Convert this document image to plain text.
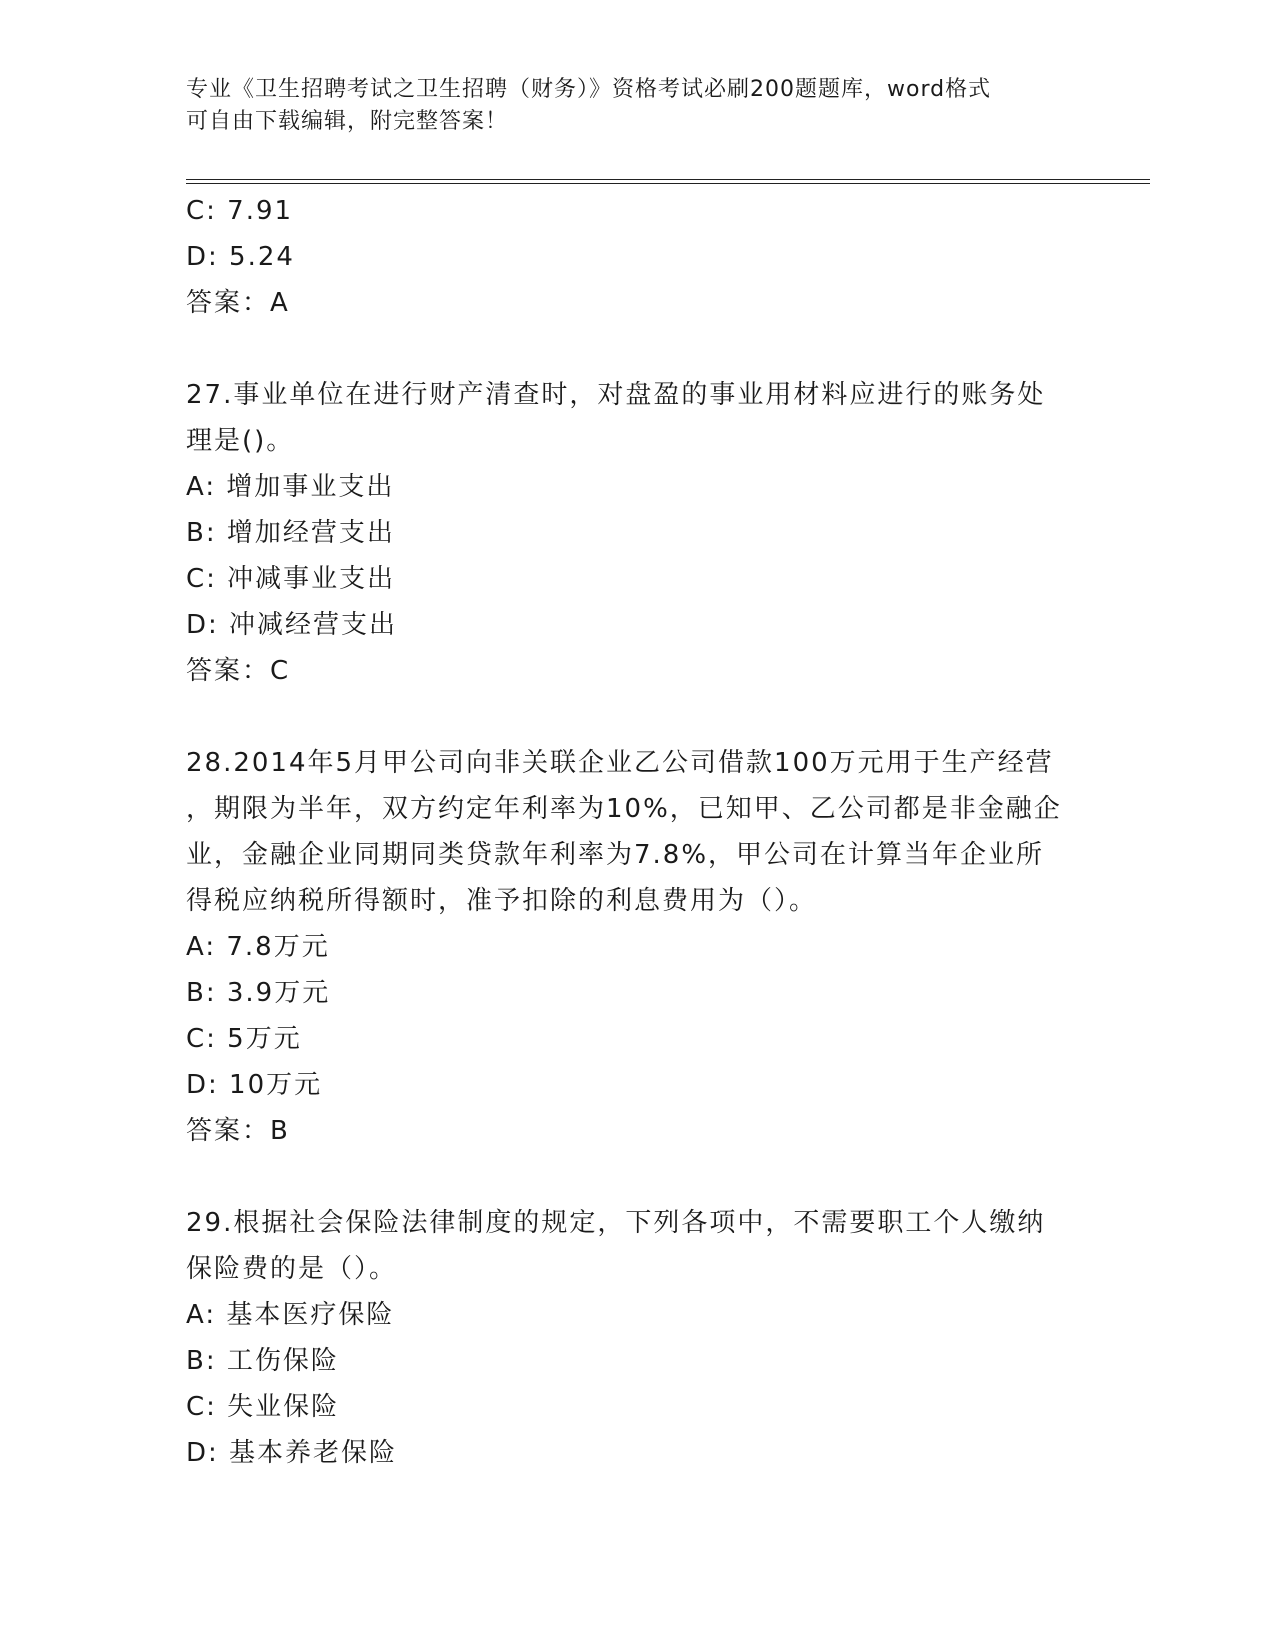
专业《卫生招聘考试之卫生招聘（财务）》资格考试必刷200题题库，word格式
可自由下载编辑，附完整答案！
C: 7.91
D: 5.24
答案：A
27.事业单位在进行财产清查时，对盘盈的事业用材料应进行的账务处
理是()。
A: 增加事业支出
B: 增加经营支出
C: 冲减事业支出
D: 冲减经营支出
答案：C
28.2014年5月甲公司向非关联企业乙公司借款100万元用于生产经营
，期限为半年，双方约定年利率为10%，已知甲、乙公司都是非金融企
业，金融企业同期同类贷款年利率为7.8%，甲公司在计算当年企业所
得税应纳税所得额时，准予扣除的利息费用为（）。
A: 7.8万元
B: 3.9万元
C: 5万元
D: 10万元
答案：B
29.根据社会保险法律制度的规定，下列各项中，不需要职工个人缴纳
保险费的是（）。
A: 基本医疗保险
B: 工伤保险
C: 失业保险
D: 基本养老保险
